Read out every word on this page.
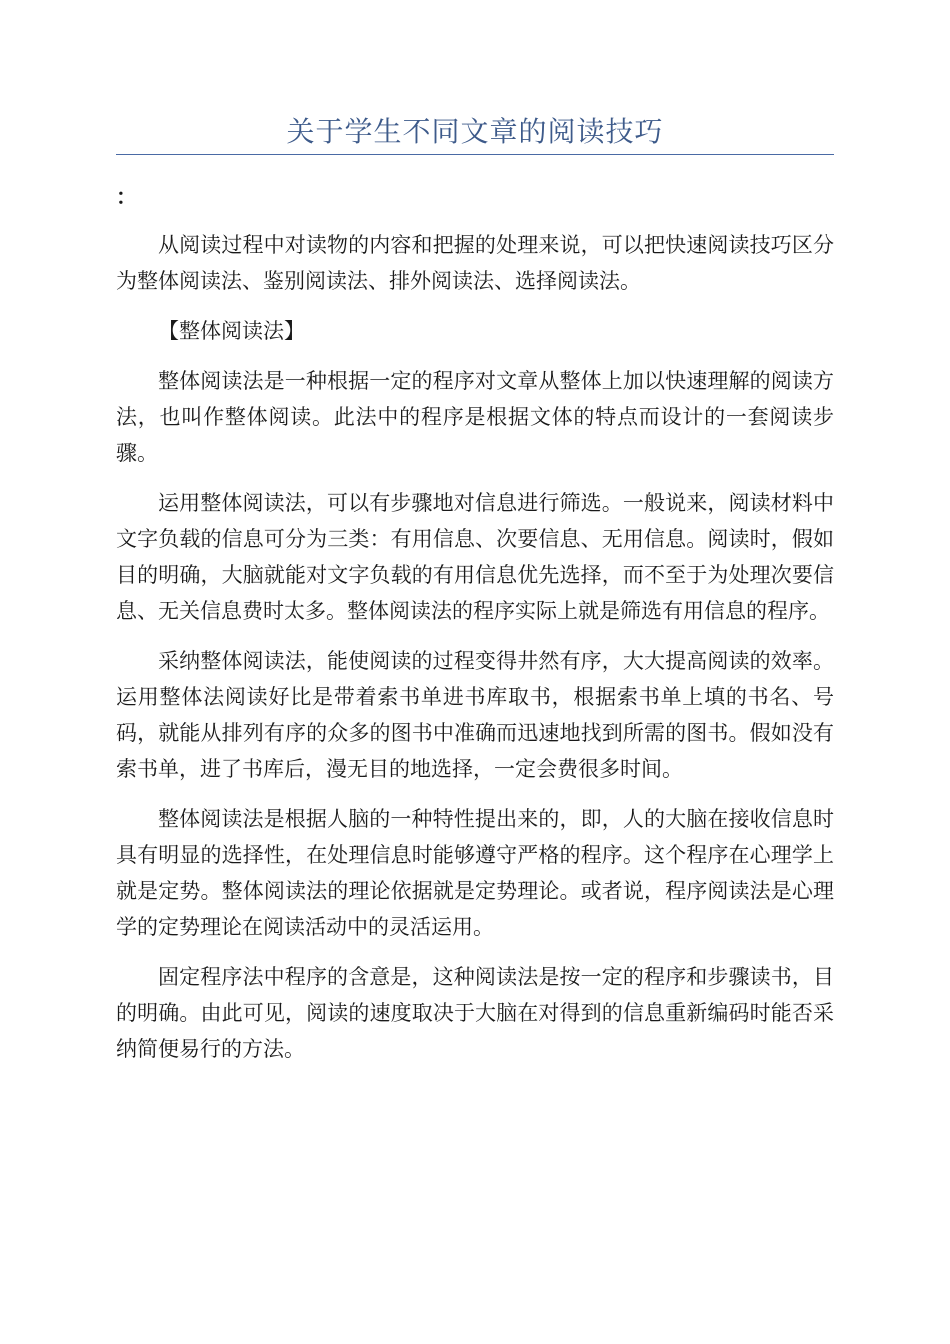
关于学生不同文章的阅读技巧
：

从阅读过程中对读物的内容和把握的处理来说，可以把快速阅读技巧区分为整体阅读法、鉴别阅读法、排外阅读法、选择阅读法。

【整体阅读法】

整体阅读法是一种根据一定的程序对文章从整体上加以快速理解的阅读方法，也叫作整体阅读。此法中的程序是根据文体的特点而设计的一套阅读步骤。

运用整体阅读法，可以有步骤地对信息进行筛选。一般说来，阅读材料中文字负载的信息可分为三类：有用信息、次要信息、无用信息。阅读时，假如目的明确，大脑就能对文字负载的有用信息优先选择，而不至于为处理次要信息、无关信息费时太多。整体阅读法的程序实际上就是筛选有用信息的程序。

采纳整体阅读法，能使阅读的过程变得井然有序，大大提高阅读的效率。运用整体法阅读好比是带着索书单进书库取书，根据索书单上填的书名、号码，就能从排列有序的众多的图书中准确而迅速地找到所需的图书。假如没有索书单，进了书库后，漫无目的地选择，一定会费很多时间。

整体阅读法是根据人脑的一种特性提出来的，即，人的大脑在接收信息时具有明显的选择性，在处理信息时能够遵守严格的程序。这个程序在心理学上就是定势。整体阅读法的理论依据就是定势理论。或者说，程序阅读法是心理学的定势理论在阅读活动中的灵活运用。

固定程序法中程序的含意是，这种阅读法是按一定的程序和步骤读书，目的明确。由此可见，阅读的速度取决于大脑在对得到的信息重新编码时能否采纳简便易行的方法。
